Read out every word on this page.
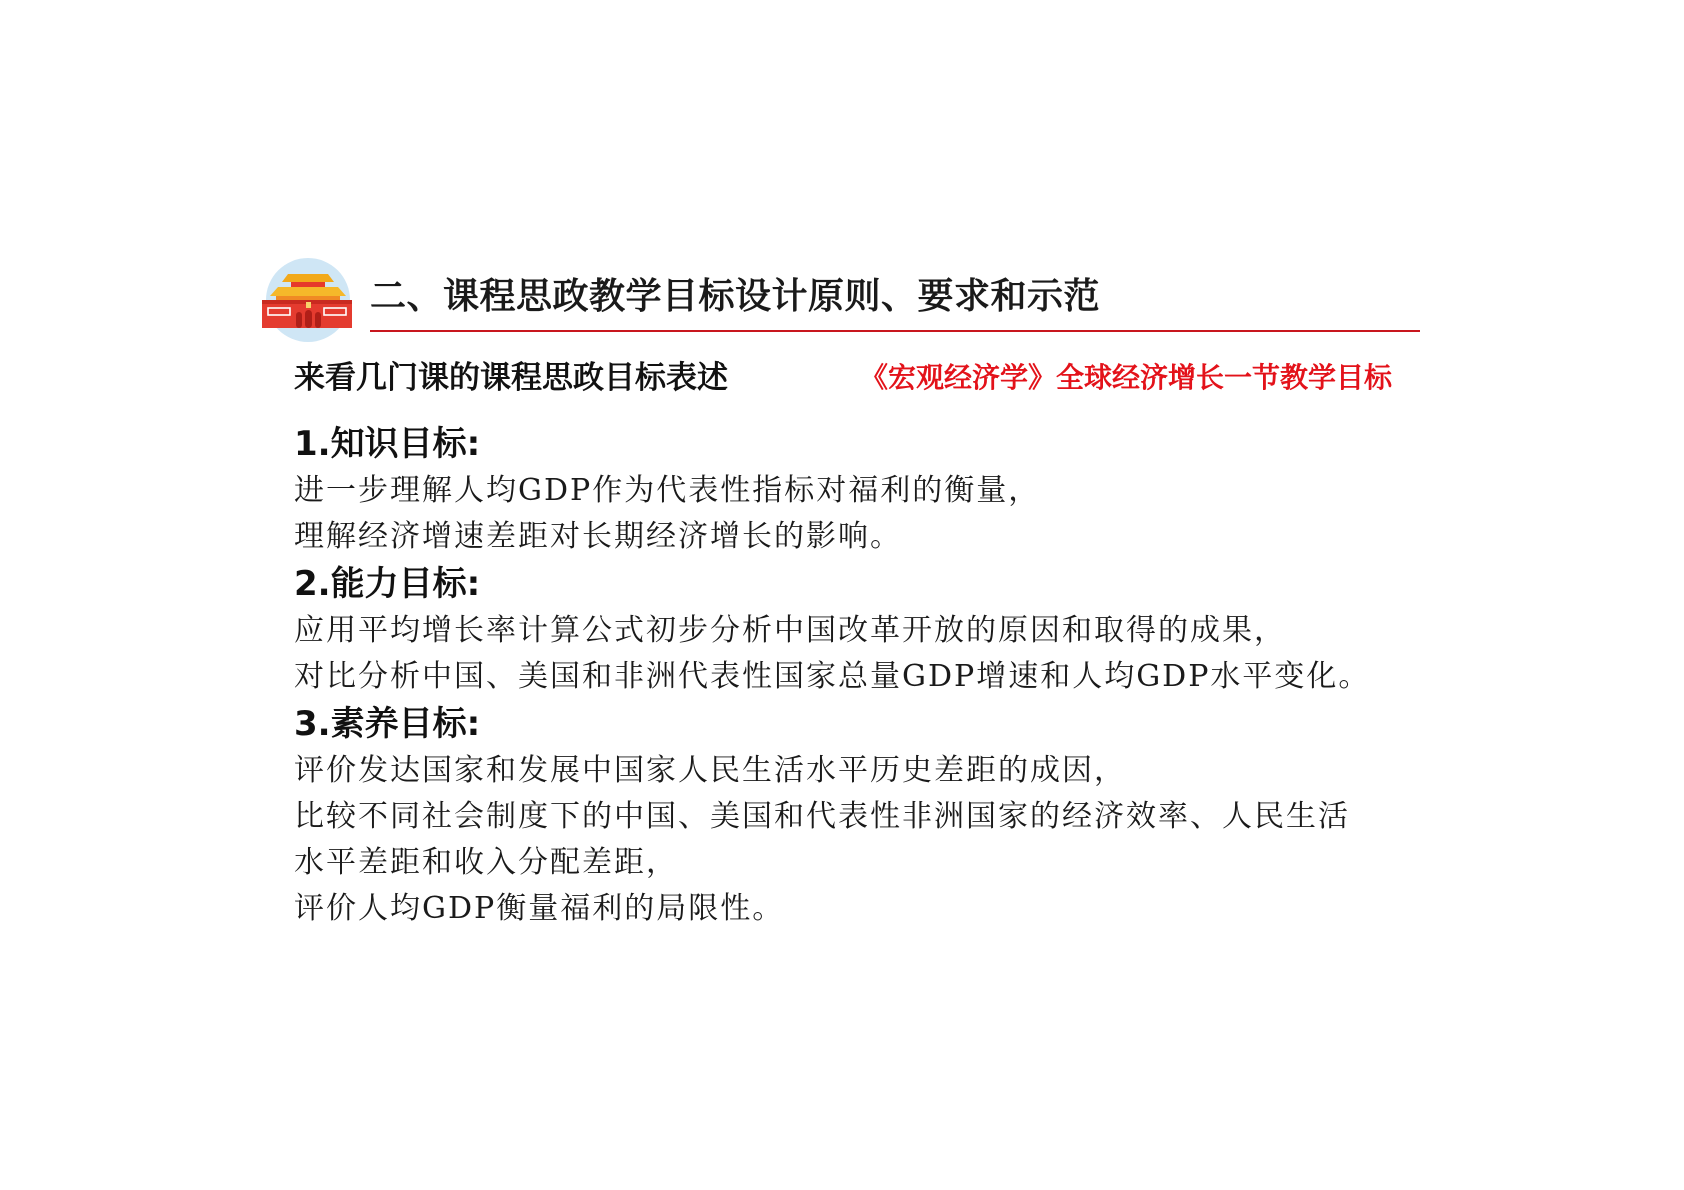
二、课程思政教学目标设计原则、要求和示范
来看几门课的课程思政目标表述	《宏观经济学》全球经济增长一节教学目标
1.知识目标:
进一步理解人均GDP作为代表性指标对福利的衡量，
理解经济增速差距对长期经济增长的影响。
2.能力目标:
应用平均增长率计算公式初步分析中国改革开放的原因和取得的成果，
对比分析中国、美国和非洲代表性国家总量GDP增速和人均GDP水平变化。
3.素养目标:
评价发达国家和发展中国家人民生活水平历史差距的成因，
比较不同社会制度下的中国、美国和代表性非洲国家的经济效率、人民生活
水平差距和收入分配差距，
评价人均GDP衡量福利的局限性。
